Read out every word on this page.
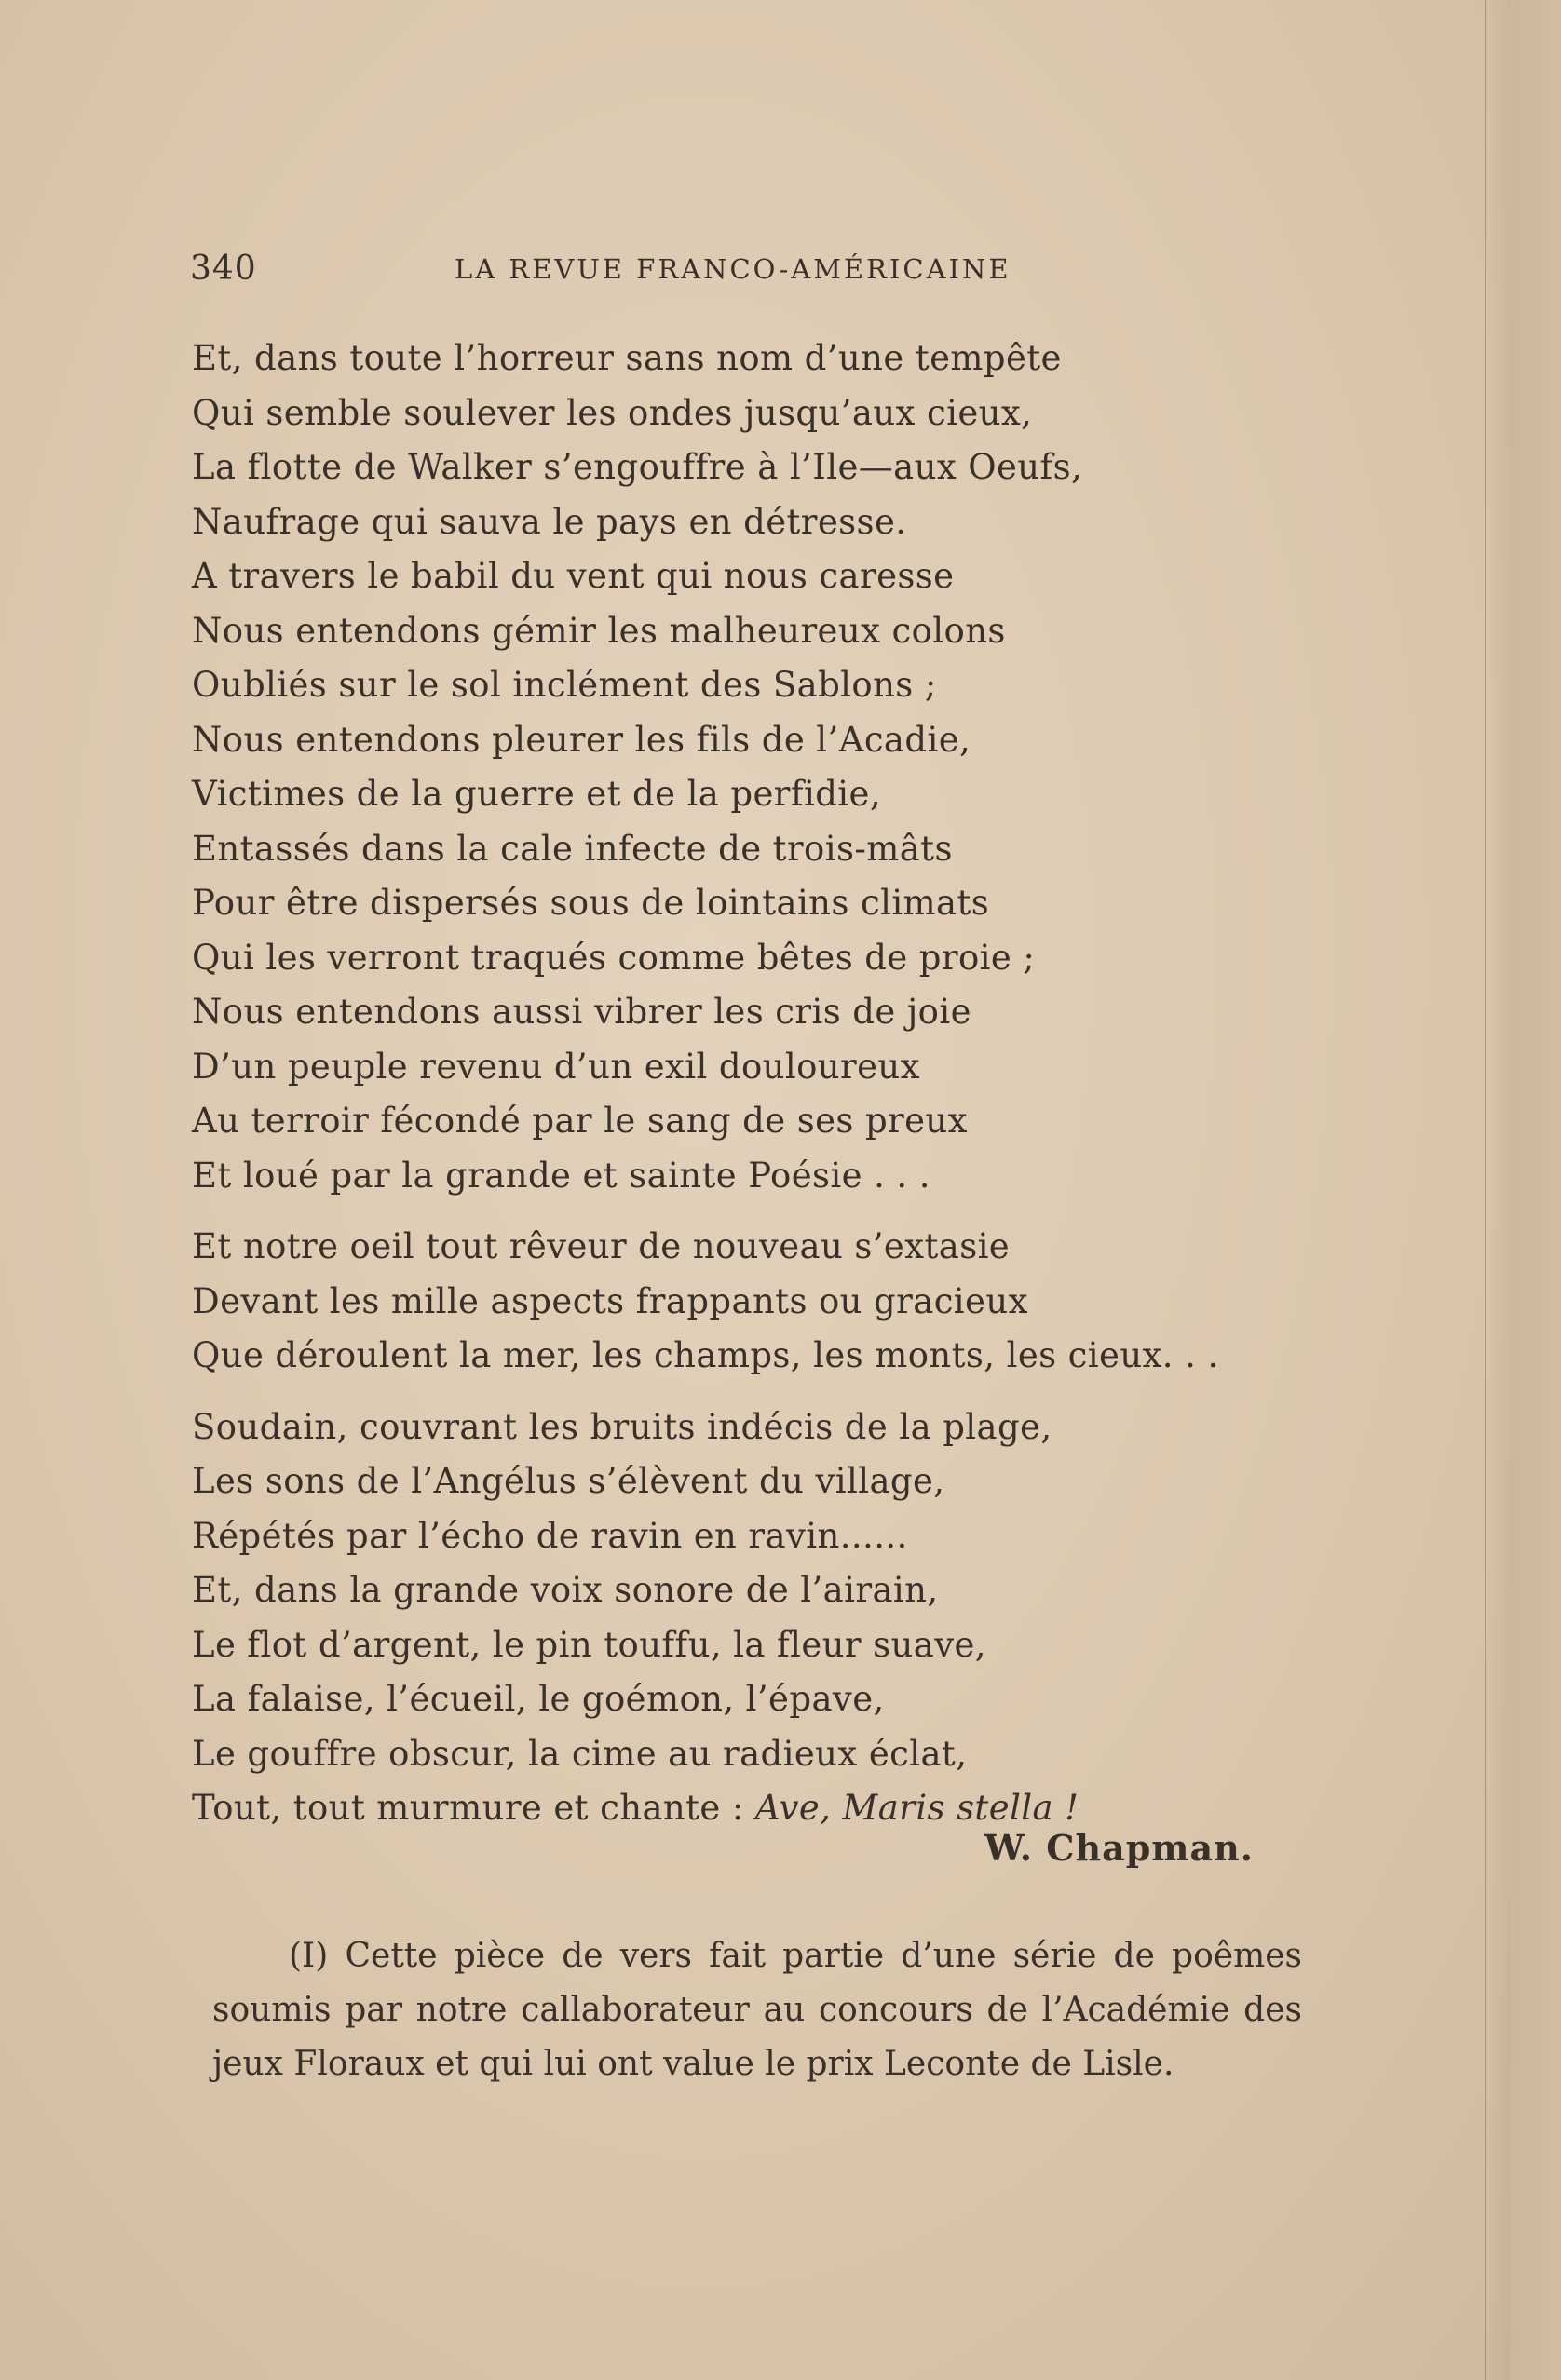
340	LA REVUE FRANCO-AMÉRICAINE
Et, dans toute l’horreur sans nom d’une tempête
Qui semble soulever les ondes jusqu’aux cieux,
La flotte de Walker s’engouffre à l’Ile—aux Oeufs,
Naufrage qui sauva le pays en détresse.
A travers le babil du vent qui nous caresse
Nous entendons gémir les malheureux colons
Oubliés sur le sol inclément des Sablons ;
Nous entendons pleurer les fils de l’Acadie,
Victimes de la guerre et de la perfidie,
Entassés dans la cale infecte de trois-mâts
Pour être dispersés sous de lointains climats
Qui les verront traqués comme bêtes de proie ;
Nous entendons aussi vibrer les cris de joie
D’un peuple revenu d’un exil douloureux
Au terroir fécondé par le sang de ses preux
Et loué par la grande et sainte Poésie . . .
Et notre oeil tout rêveur de nouveau s’extasie
Devant les mille aspects frappants ou gracieux
Que déroulent la mer, les champs, les monts, les cieux. . .
Soudain, couvrant les bruits indécis de la plage,
Les sons de l’Angélus s’élèvent du village,
Répétés par l’écho de ravin en ravin......
Et, dans la grande voix sonore de l’airain,
Le flot d’argent, le pin touffu, la fleur suave,
La falaise, l’écueil, le goémon, l’épave,
Le gouffre obscur, la cime au radieux éclat,
Tout, tout murmure et chante : Ave, Maris stella !
W. Chapman.
(I) Cette pièce de vers fait partie d’une série de poêmes soumis par notre callaborateur au concours de l’Académie des jeux Floraux et qui lui ont value le prix Leconte de Lisle.
